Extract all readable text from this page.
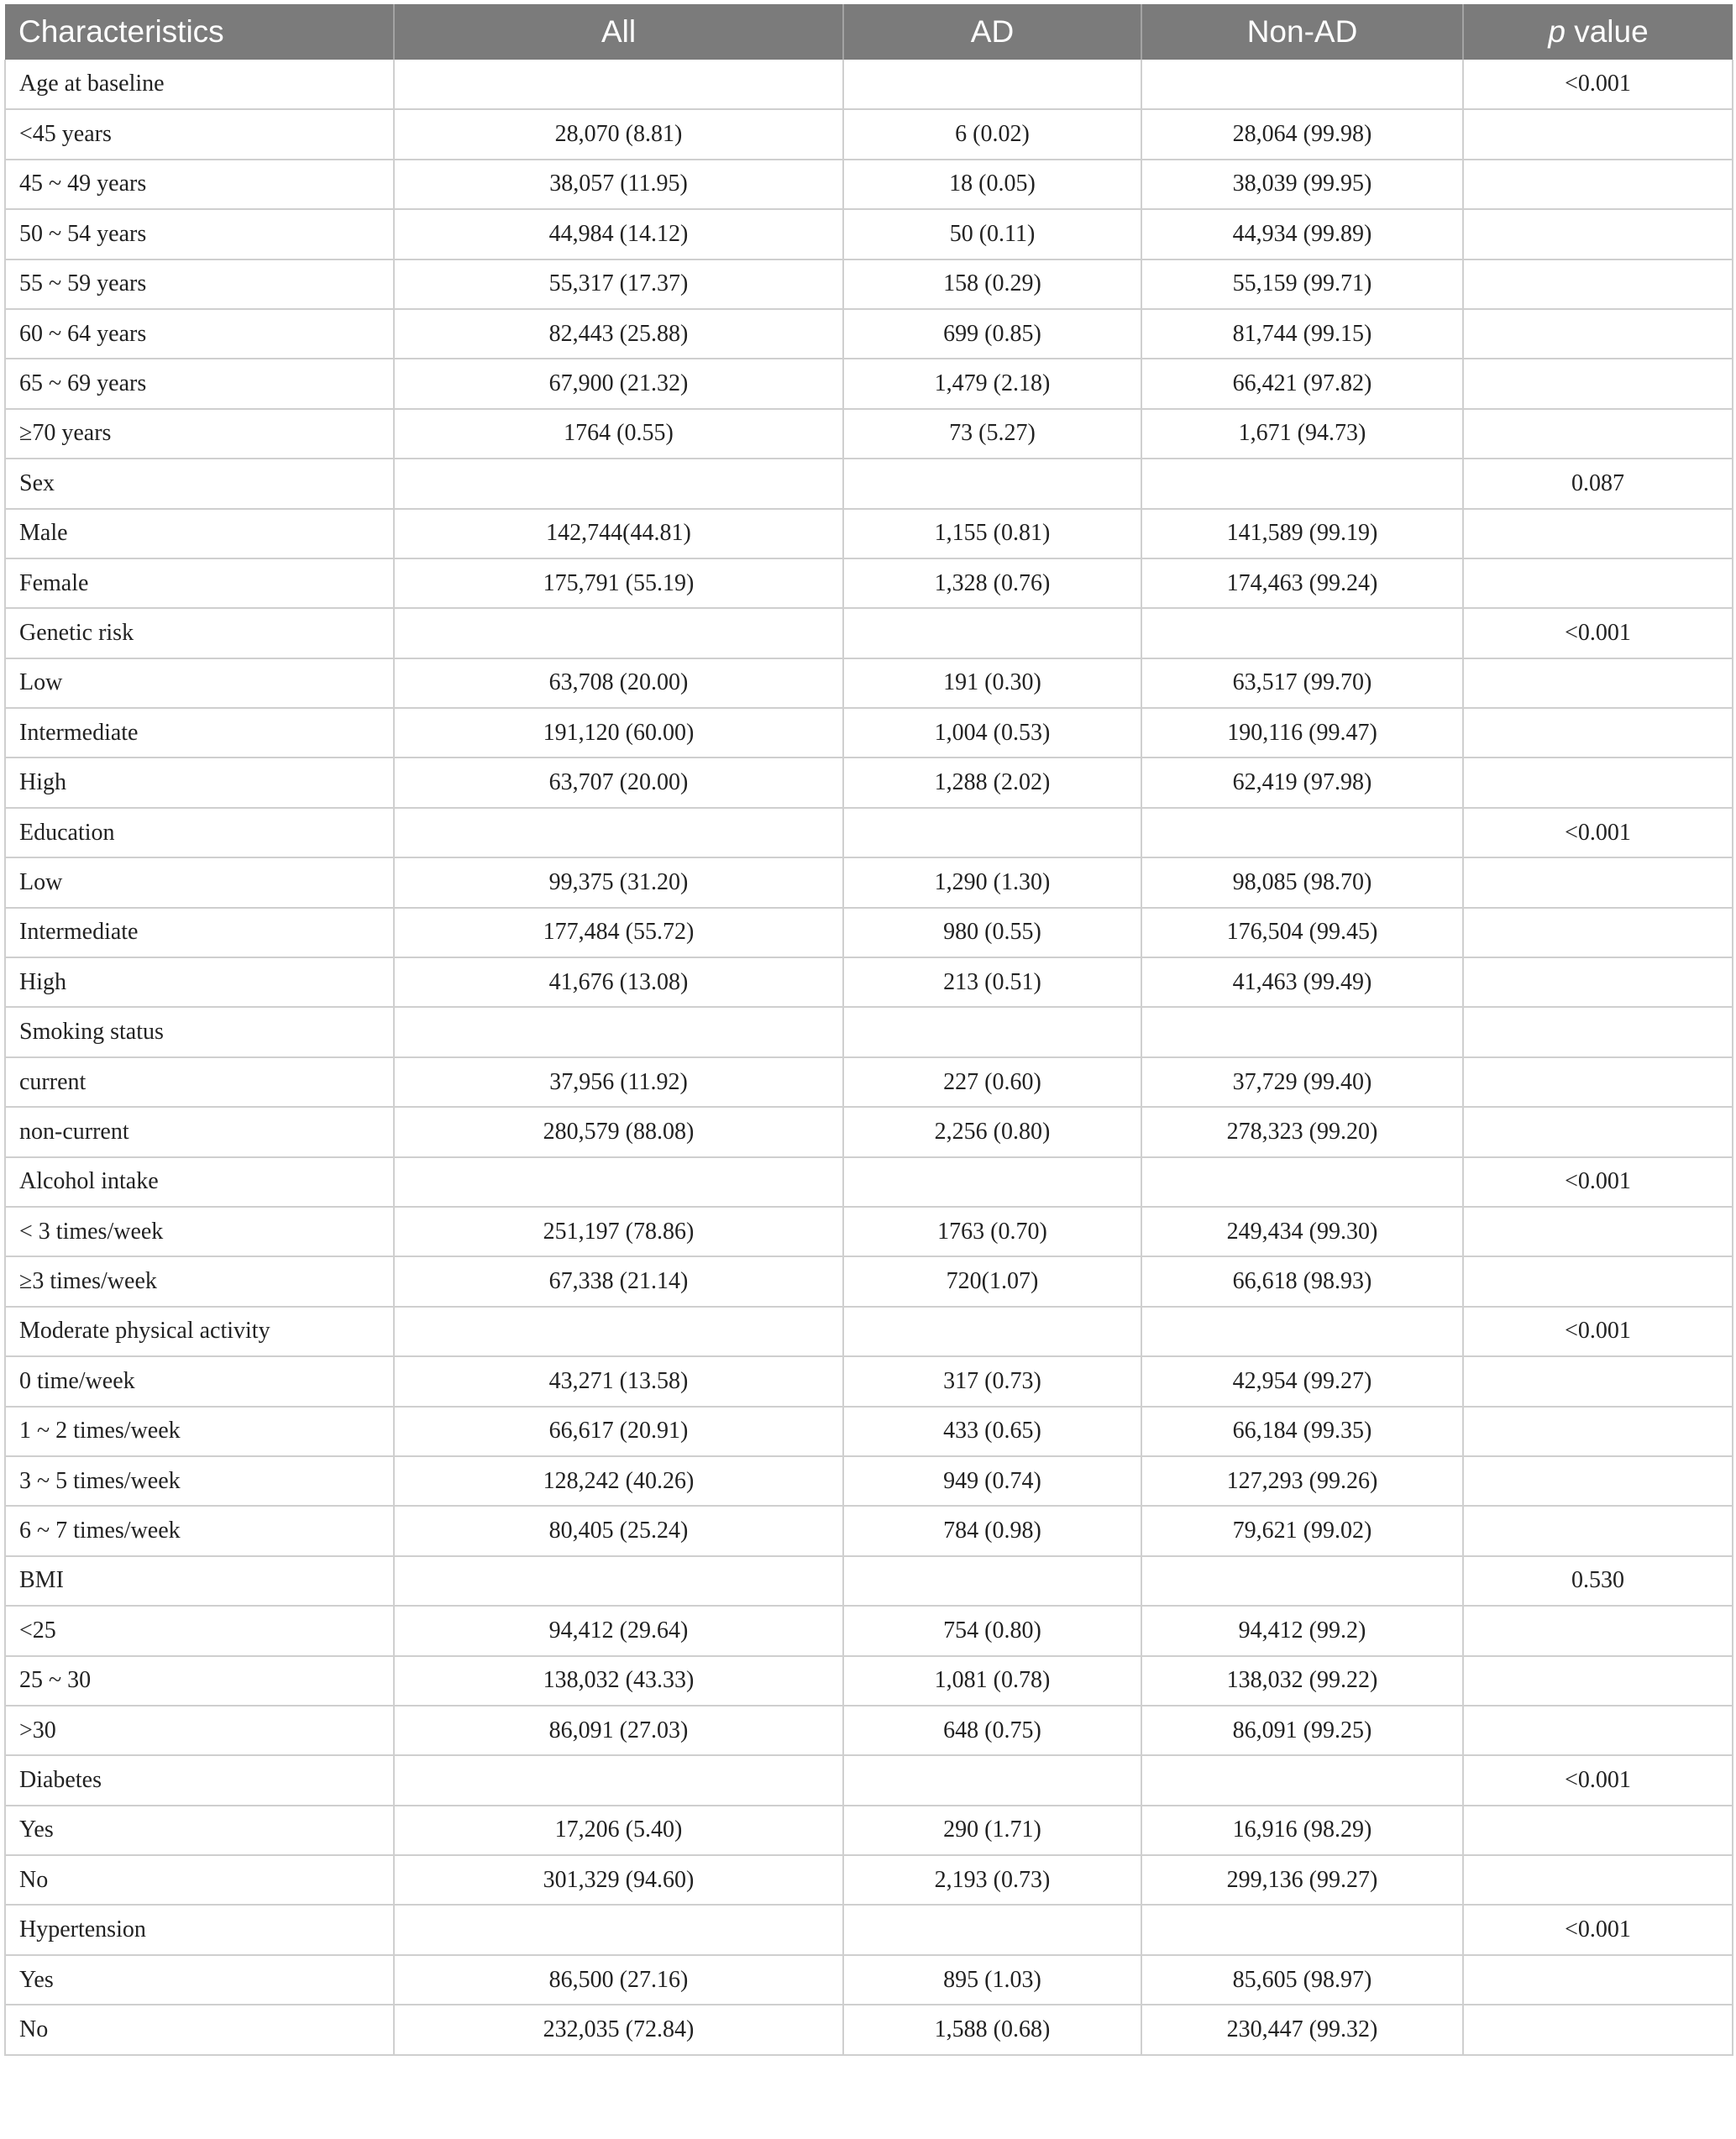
Characteristics	All	AD	Non-AD	p value
Age at baseline				<0.001
<45 years	28,070 (8.81)	6 (0.02)	28,064 (99.98)	
45 ~ 49 years	38,057 (11.95)	18 (0.05)	38,039 (99.95)	
50 ~ 54 years	44,984 (14.12)	50 (0.11)	44,934 (99.89)	
55 ~ 59 years	55,317 (17.37)	158 (0.29)	55,159 (99.71)	
60 ~ 64 years	82,443 (25.88)	699 (0.85)	81,744 (99.15)	
65 ~ 69 years	67,900 (21.32)	1,479 (2.18)	66,421 (97.82)	
≥70 years	1764 (0.55)	73 (5.27)	1,671 (94.73)	
Sex				0.087
Male	142,744(44.81)	1,155 (0.81)	141,589 (99.19)	
Female	175,791 (55.19)	1,328 (0.76)	174,463 (99.24)	
Genetic risk				<0.001
Low	63,708 (20.00)	191 (0.30)	63,517 (99.70)	
Intermediate	191,120 (60.00)	1,004 (0.53)	190,116 (99.47)	
High	63,707 (20.00)	1,288 (2.02)	62,419 (97.98)	
Education				<0.001
Low	99,375 (31.20)	1,290 (1.30)	98,085 (98.70)	
Intermediate	177,484 (55.72)	980 (0.55)	176,504 (99.45)	
High	41,676 (13.08)	213 (0.51)	41,463 (99.49)	
Smoking status				
current	37,956 (11.92)	227 (0.60)	37,729 (99.40)	
non-current	280,579 (88.08)	2,256 (0.80)	278,323 (99.20)	
Alcohol intake				<0.001
< 3 times/week	251,197 (78.86)	1763 (0.70)	249,434 (99.30)	
≥3 times/week	67,338 (21.14)	720(1.07)	66,618 (98.93)	
Moderate physical activity				<0.001
0 time/week	43,271 (13.58)	317 (0.73)	42,954 (99.27)	
1 ~ 2 times/week	66,617 (20.91)	433 (0.65)	66,184 (99.35)	
3 ~ 5 times/week	128,242 (40.26)	949 (0.74)	127,293 (99.26)	
6 ~ 7 times/week	80,405 (25.24)	784 (0.98)	79,621 (99.02)	
BMI				0.530
<25	94,412 (29.64)	754 (0.80)	94,412 (99.2)	
25 ~ 30	138,032 (43.33)	1,081 (0.78)	138,032 (99.22)	
>30	86,091 (27.03)	648 (0.75)	86,091 (99.25)	
Diabetes				<0.001
Yes	17,206 (5.40)	290 (1.71)	16,916 (98.29)	
No	301,329 (94.60)	2,193 (0.73)	299,136 (99.27)	
Hypertension				<0.001
Yes	86,500 (27.16)	895 (1.03)	85,605 (98.97)	
No	232,035 (72.84)	1,588 (0.68)	230,447 (99.32)	
